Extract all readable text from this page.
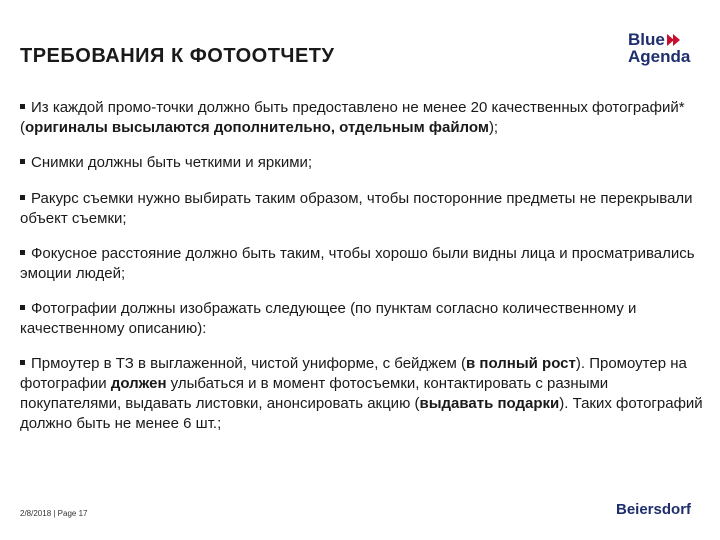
ТРЕБОВАНИЯ К ФОТООТЧЕТУ
Blue
Agenda

Из каждой промо-точки должно быть предоставлено не менее 20 качественных фотографий* (оригиналы высылаются дополнительно, отдельным файлом);

Снимки должны быть четкими и яркими;

Ракурс съемки нужно выбирать таким образом, чтобы посторонние предметы не перекрывали объект съемки;

Фокусное расстояние должно быть таким, чтобы хорошо были видны лица и просматривались эмоции людей;

Фотографии должны изображать следующее (по пунктам согласно количественному и качественному описанию):

Прмоутер в ТЗ в выглаженной, чистой униформе, с бейджем (в полный рост). Промоутер на фотографии должен улыбаться и в момент фотосъемки, контактировать с разными покупателями, выдавать листовки, анонсировать акцию (выдавать подарки). Таких фотографий должно быть не менее 6 шт.;

2/8/2018 | Page 17	Beiersdorf
